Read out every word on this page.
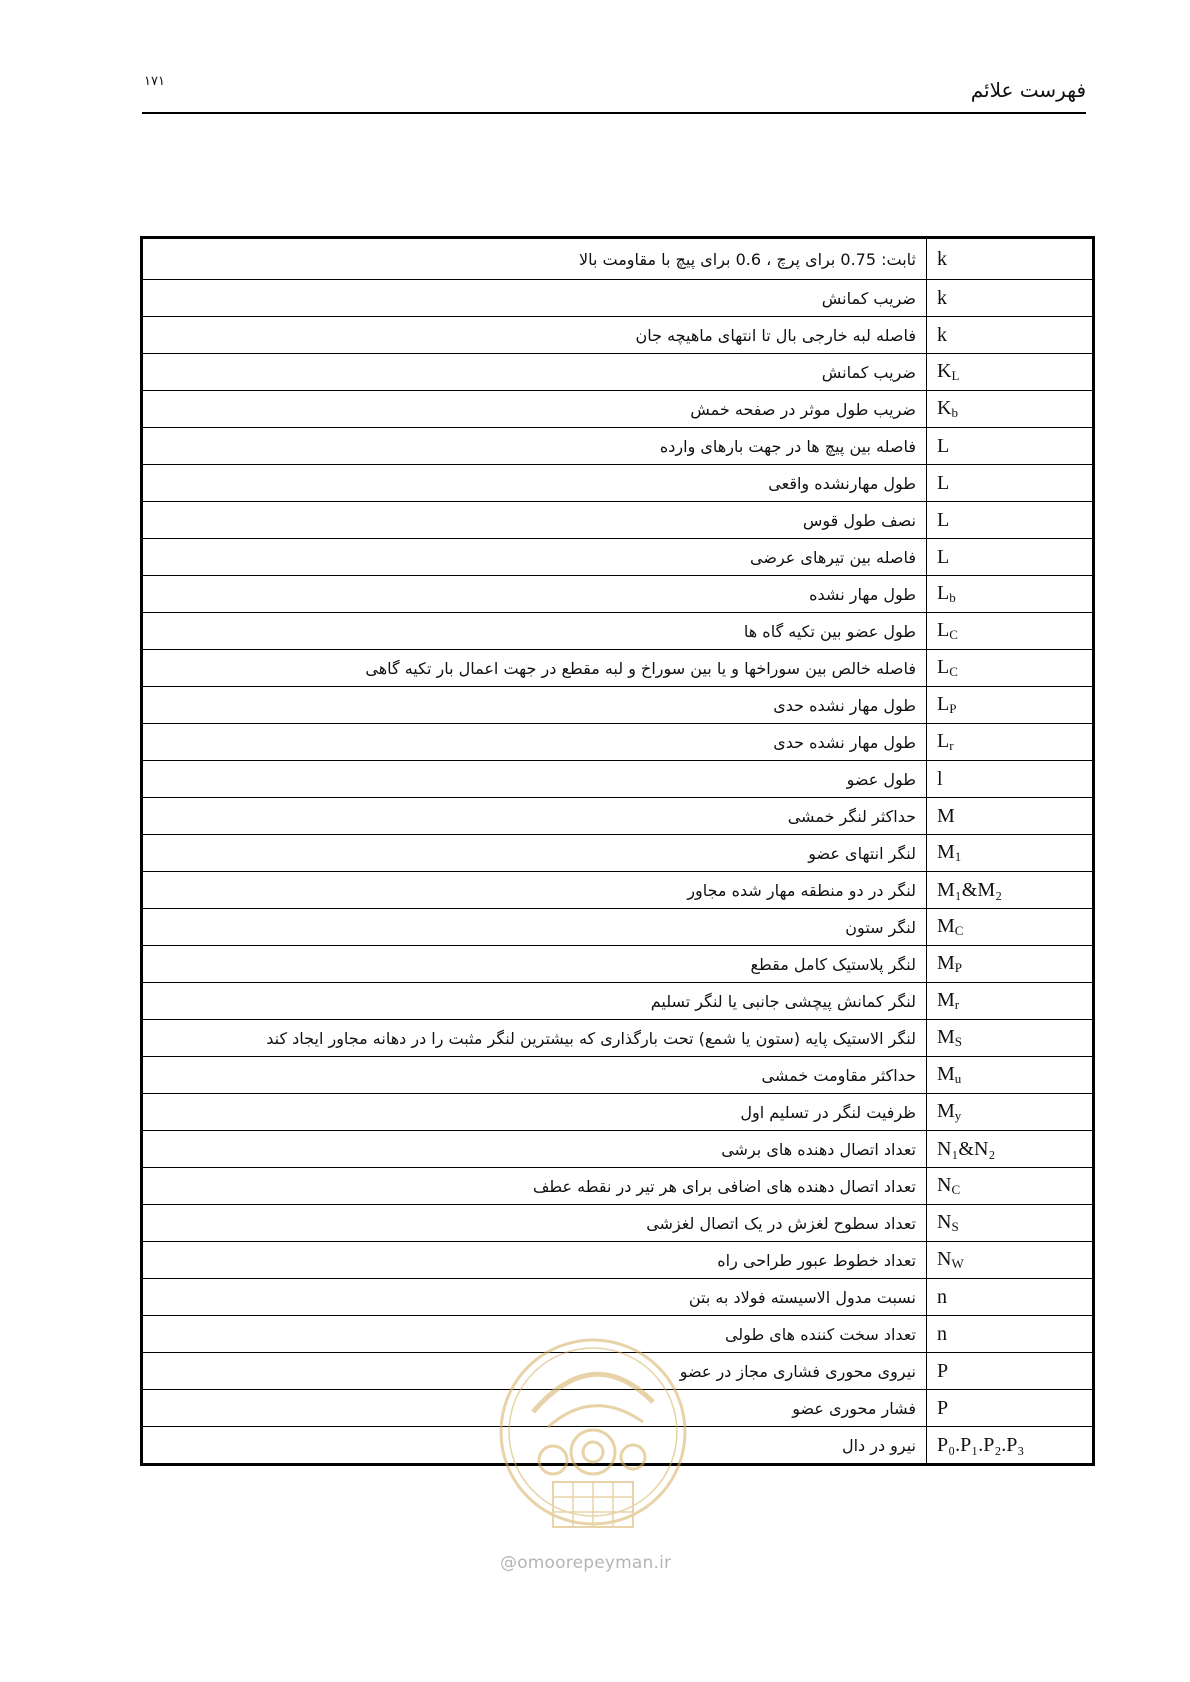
۱۷۱	فهرست علائم
ثابت: 0.75 برای پرچ ، 0.6 برای پیچ با مقاومت بالا	k
ضریب کمانش	k
فاصله لبه خارجی بال تا انتهای ماهیچه جان	k
ضریب کمانش	$K_L$
ضریب طول موثر در صفحه خمش	$K_b$
فاصله بین پیچ ها در جهت بارهای وارده	L
طول مهارنشده واقعی	L
نصف طول قوس	L
فاصله بین تیرهای عرضی	L
طول مهار نشده	$L_b$
طول عضو بین تکیه گاه ها	$L_C$
فاصله خالص بین سوراخها و یا بین سوراخ و لبه مقطع در جهت اعمال بار تکیه گاهی	$L_C$
طول مهار نشده حدی	$L_P$
طول مهار نشده حدی	$L_r$
طول عضو	l
حداکثر لنگر خمشی	M
لنگر انتهای عضو	$M_1$
لنگر در دو منطقه مهار شده مجاور	M₁&M₂
لنگر ستون	$M_C$
لنگر پلاستیک کامل مقطع	$M_P$
لنگر کمانش پیچشی جانبی یا لنگر تسلیم	$M_r$
لنگر الاستیک پایه (ستون یا شمع) تحت بارگذاری که بیشترین لنگر مثبت را در دهانه مجاور ایجاد کند	$M_S$
حداکثر مقاومت خمشی	$M_u$
ظرفیت لنگر در تسلیم اول	$M_y$
تعداد اتصال دهنده های برشی	N₁&N₂
تعداد اتصال دهنده های اضافی برای هر تیر در نقطه عطف	$N_C$
تعداد سطوح لغزش در یک اتصال لغزشی	$N_S$
تعداد خطوط عبور طراحی راه	$N_W$
نسبت مدول الاسیسته فولاد به بتن	n
تعداد سخت کننده های طولی	n
نیروی محوری فشاری مجاز در عضو	P
فشار محوری عضو	P
نیرو در دال	P₀.P₁.P₂.P₃
@omoorepeyman.ir
